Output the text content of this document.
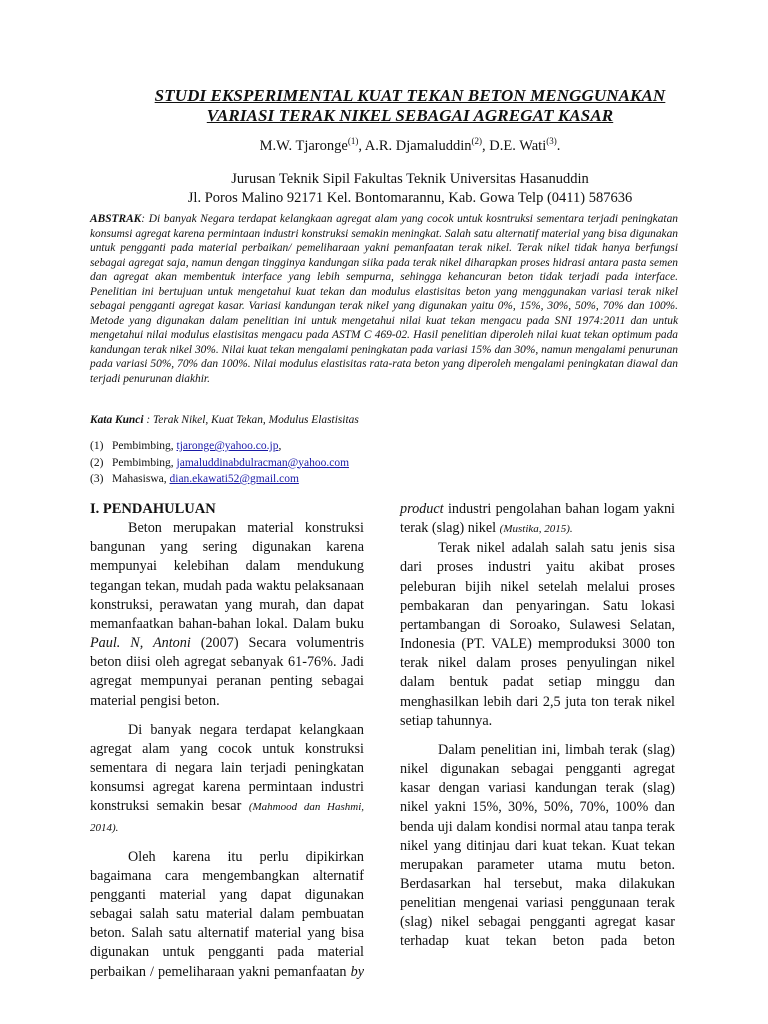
STUDI EKSPERIMENTAL KUAT TEKAN BETON MENGGUNAKAN
VARIASI TERAK NIKEL SEBAGAI AGREGAT KASAR
M.W. Tjaronge$^{(1)}$, A.R. Djamaluddin$^{(2)}$, D.E. Wati$^{(3)}$.
Jurusan Teknik Sipil Fakultas Teknik Universitas Hasanuddin
Jl. Poros Malino 92171 Kel. Bontomarannu, Kab. Gowa Telp (0411) 587636
ABSTRAK: Di banyak Negara terdapat kelangkaan agregat alam yang cocok untuk kosntruksi sementara terjadi peningkatan konsumsi agregat karena permintaan industri konstruksi semakin meningkat. Salah satu alternatif material yang bisa digunakan untuk pengganti pada material perbaikan/ pemeliharaan yakni pemanfaatan terak nikel. Terak nikel tidak hanya berfungsi sebagai agregat saja, namun dengan tingginya kandungan siika pada terak nikel diharapkan proses hidrasi antara pasta semen dan agregat akan membentuk interface yang lebih sempurna, sehingga kehancuran beton tidak terjadi pada interface. Penelitian ini bertujuan untuk mengetahui kuat tekan dan modulus elastisitas beton yang menggunakan variasi terak nikel sebagai pengganti agregat kasar. Variasi kandungan terak nikel yang digunakan yaitu 0%, 15%, 30%, 50%, 70% dan 100%. Metode yang digunakan dalam penelitian ini untuk mengetahui nilai kuat tekan mengacu pada SNI 1974:2011 dan untuk mengetahui nilai modulus elastisitas mengacu pada ASTM C 469-02. Hasil penelitian diperoleh nilai kuat tekan optimum pada kandungan terak nikel 30%. Nilai kuat tekan mengalami peningkatan pada variasi 15% dan 30%, namun mengalami penurunan pada variasi 50%, 70% dan 100%. Nilai modulus elastisitas rata-rata beton yang diperoleh mengalami peningkatan diawal dan terjadi penurunan diakhir.
Kata Kunci : Terak Nikel, Kuat Tekan, Modulus Elastisitas
(1) Pembimbing, tjaronge@yahoo.co.jp,
(2) Pembimbing, jamaluddinabdulracman@yahoo.com
(3) Mahasiswa, dian.ekawati52@gmail.com

I. PENDAHULUAN

Beton merupakan material konstruksi bangunan yang sering digunakan karena mempunyai kelebihan dalam mendukung tegangan tekan, mudah pada waktu pelaksanaan konstruksi, perawatan yang murah, dan dapat memanfaatkan bahan-bahan lokal. Dalam buku Paul. N, Antoni (2007) Secara volumentris beton diisi oleh agregat sebanyak 61-76%. Jadi agregat mempunyai peranan penting sebagai material pengisi beton.

Di banyak negara terdapat kelangkaan agregat alam yang cocok untuk konstruksi sementara di negara lain terjadi peningkatan konsumsi agregat karena permintaan industri konstruksi semakin besar (Mahmood dan Hashmi, 2014).

Oleh karena itu perlu dipikirkan bagaimana cara mengembangkan alternatif pengganti material yang dapat digunakan sebagai salah satu material dalam pembuatan beton. Salah satu alternatif material yang bisa digunakan untuk pengganti pada material perbaikan / pemeliharaan yakni pemanfaatan by

product industri pengolahan bahan logam yakni terak (slag) nikel (Mustika, 2015).

Terak nikel adalah salah satu jenis sisa dari proses industri yaitu akibat proses peleburan bijih nikel setelah melalui proses pembakaran dan penyaringan. Satu lokasi pertambangan di Soroako, Sulawesi Selatan, Indonesia (PT. VALE) memproduksi 3000 ton terak nikel dalam proses penyulingan nikel dalam bentuk padat setiap minggu dan menghasilkan lebih dari 2,5 juta ton terak nikel setiap tahunnya.

Dalam penelitian ini, limbah terak (slag) nikel digunakan sebagai pengganti agregat kasar dengan variasi kandungan terak (slag) nikel yakni 15%, 30%, 50%, 70%, 100% dan benda uji dalam kondisi normal atau tanpa terak nikel yang ditinjau dari kuat tekan. Kuat tekan merupakan parameter utama mutu beton. Berdasarkan hal tersebut, maka dilakukan penelitian mengenai variasi penggunaan terak (slag) nikel sebagai pengganti agregat kasar terhadap kuat tekan beton pada beton
